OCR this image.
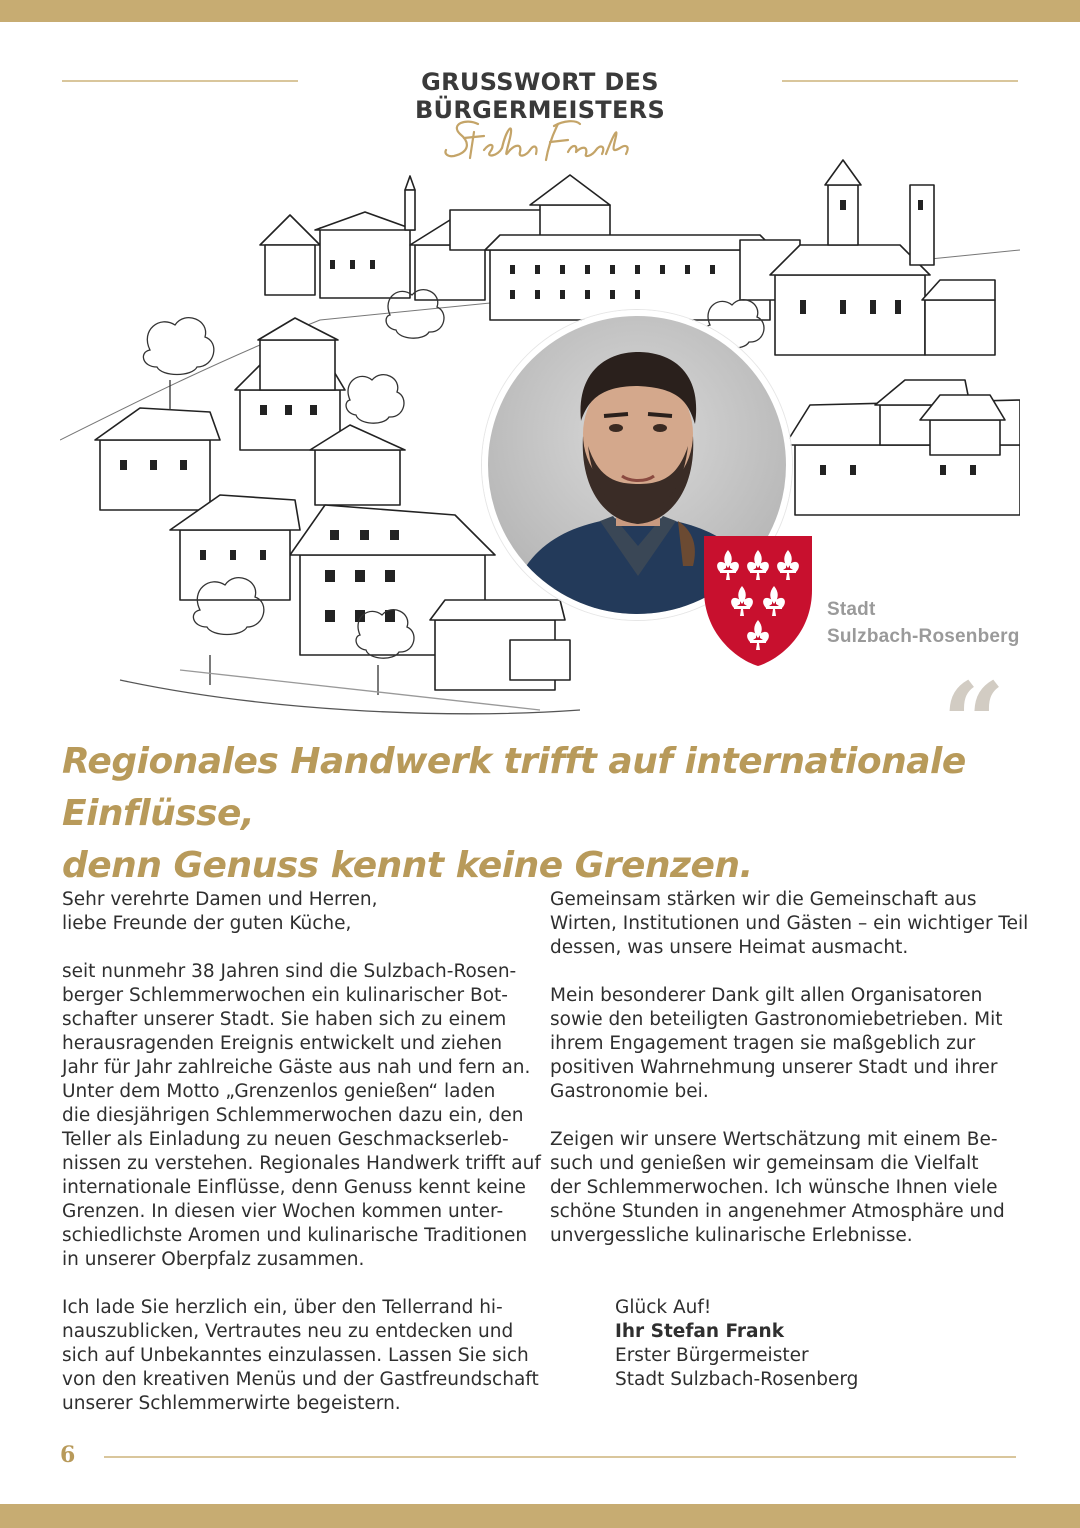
GRUSSWORT DES BÜRGERMEISTERS
Stadt
Sulzbach-Rosenberg
“
Regionales Handwerk trifft auf internationale Einflüsse,
denn Genuss kennt keine Grenzen.

Sehr verehrte Damen und Herren,
liebe Freunde der guten Küche,

seit nunmehr 38 Jahren sind die Sulzbach-Rosen-
berger Schlemmerwochen ein kulinarischer Bot-
schafter unserer Stadt. Sie haben sich zu einem
herausragenden Ereignis entwickelt und ziehen
Jahr für Jahr zahlreiche Gäste aus nah und fern an.
Unter dem Motto „Grenzenlos genießen“ laden
die diesjährigen Schlemmerwochen dazu ein, den
Teller als Einladung zu neuen Geschmackserleb-
nissen zu verstehen. Regionales Handwerk trifft auf
internationale Einflüsse, denn Genuss kennt keine
Grenzen. In diesen vier Wochen kommen unter-
schiedlichste Aromen und kulinarische Traditionen
in unserer Oberpfalz zusammen.

Ich lade Sie herzlich ein, über den Tellerrand hi-
nauszublicken, Vertrautes neu zu entdecken und
sich auf Unbekanntes einzulassen. Lassen Sie sich
von den kreativen Menüs und der Gastfreundschaft
unserer Schlemmerwirte begeistern.

Gemeinsam stärken wir die Gemeinschaft aus
Wirten, Institutionen und Gästen – ein wichtiger Teil
dessen, was unsere Heimat ausmacht.

Mein besonderer Dank gilt allen Organisatoren
sowie den beteiligten Gastronomiebetrieben. Mit
ihrem Engagement tragen sie maßgeblich zur
positiven Wahrnehmung unserer Stadt und ihrer
Gastronomie bei.

Zeigen wir unsere Wertschätzung mit einem Be-
such und genießen wir gemeinsam die Vielfalt
der Schlemmerwochen. Ich wünsche Ihnen viele
schöne Stunden in angenehmer Atmosphäre und
unvergessliche kulinarische Erlebnisse.

Glück Auf!
Ihr Stefan Frank
Erster Bürgermeister
Stadt Sulzbach-Rosenberg
6
